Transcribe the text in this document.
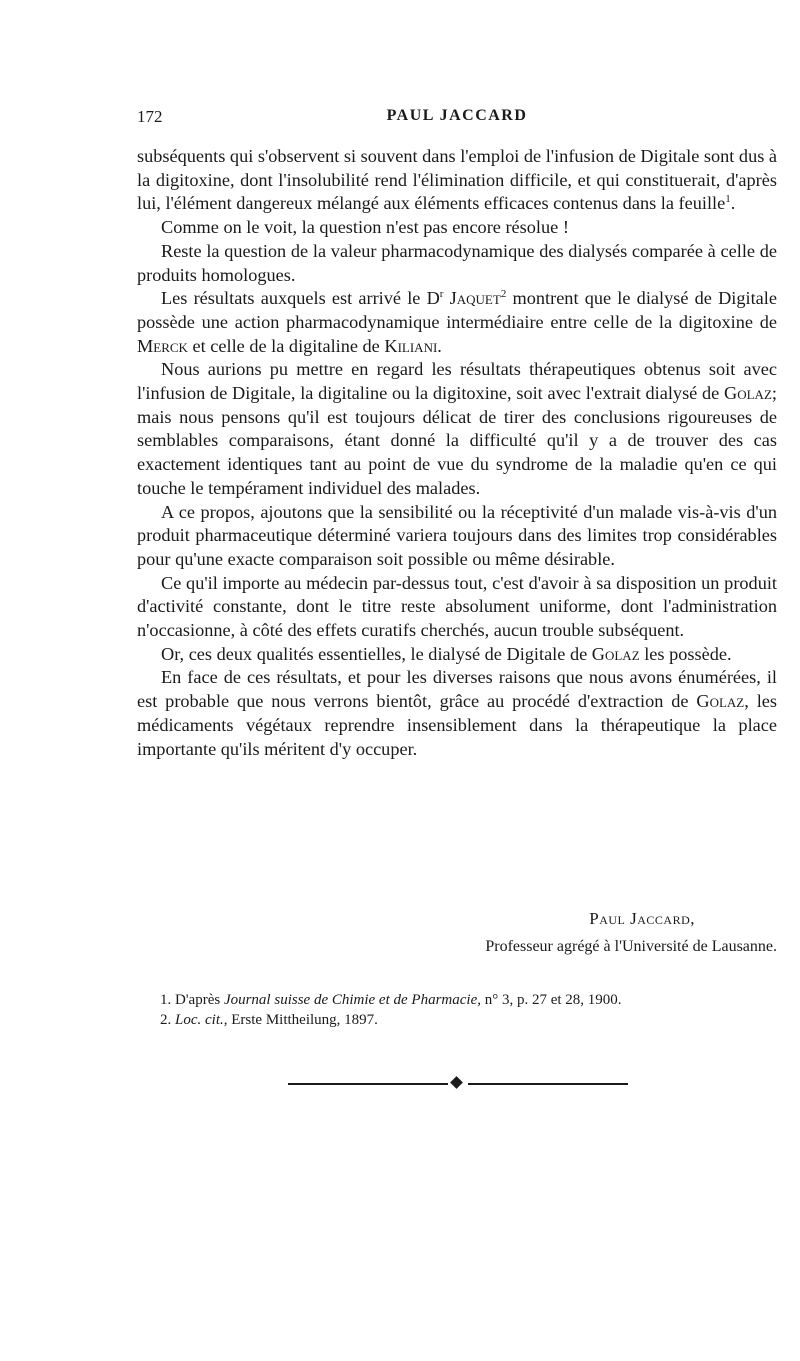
172	PAUL JACCARD

subséquents qui s'observent si souvent dans l'emploi de l'infusion de Digitale sont dus à la digitoxine, dont l'insolubilité rend l'élimination difficile, et qui constituerait, d'après lui, l'élément dangereux mélangé aux éléments efficaces contenus dans la feuille$^1$.

Comme on le voit, la question n'est pas encore résolue !

Reste la question de la valeur pharmacodynamique des dialysés comparée à celle de produits homologues.

Les résultats auxquels est arrivé le $D^r$ Jaquet$^2$ montrent que le dialysé de Digitale possède une action pharmacodynamique intermédiaire entre celle de la digitoxine de Merck et celle de la digitaline de Kiliani.

Nous aurions pu mettre en regard les résultats thérapeutiques obtenus soit avec l'infusion de Digitale, la digitaline ou la digitoxine, soit avec l'extrait dialysé de Golaz; mais nous pensons qu'il est toujours délicat de tirer des conclusions rigoureuses de semblables comparaisons, étant donné la difficulté qu'il y a de trouver des cas exactement identiques tant au point de vue du syndrome de la maladie qu'en ce qui touche le tempérament individuel des malades.

A ce propos, ajoutons que la sensibilité ou la réceptivité d'un malade vis-à-vis d'un produit pharmaceutique déterminé variera toujours dans des limites trop considérables pour qu'une exacte comparaison soit possible ou même désirable.

Ce qu'il importe au médecin par-dessus tout, c'est d'avoir à sa disposition un produit d'activité constante, dont le titre reste absolument uniforme, dont l'administration n'occasionne, à côté des effets curatifs cherchés, aucun trouble subséquent.

Or, ces deux qualités essentielles, le dialysé de Digitale de Golaz les possède.

En face de ces résultats, et pour les diverses raisons que nous avons énumérées, il est probable que nous verrons bientôt, grâce au procédé d'extraction de Golaz, les médicaments végétaux reprendre insensiblement dans la thérapeutique la place importante qu'ils méritent d'y occuper.

Paul Jaccard,
Professeur agrégé à l'Université de Lausanne.

1. D'après Journal suisse de Chimie et de Pharmacie, n° 3, p. 27 et 28, 1900.

2. Loc. cit., Erste Mittheilung, 1897.
